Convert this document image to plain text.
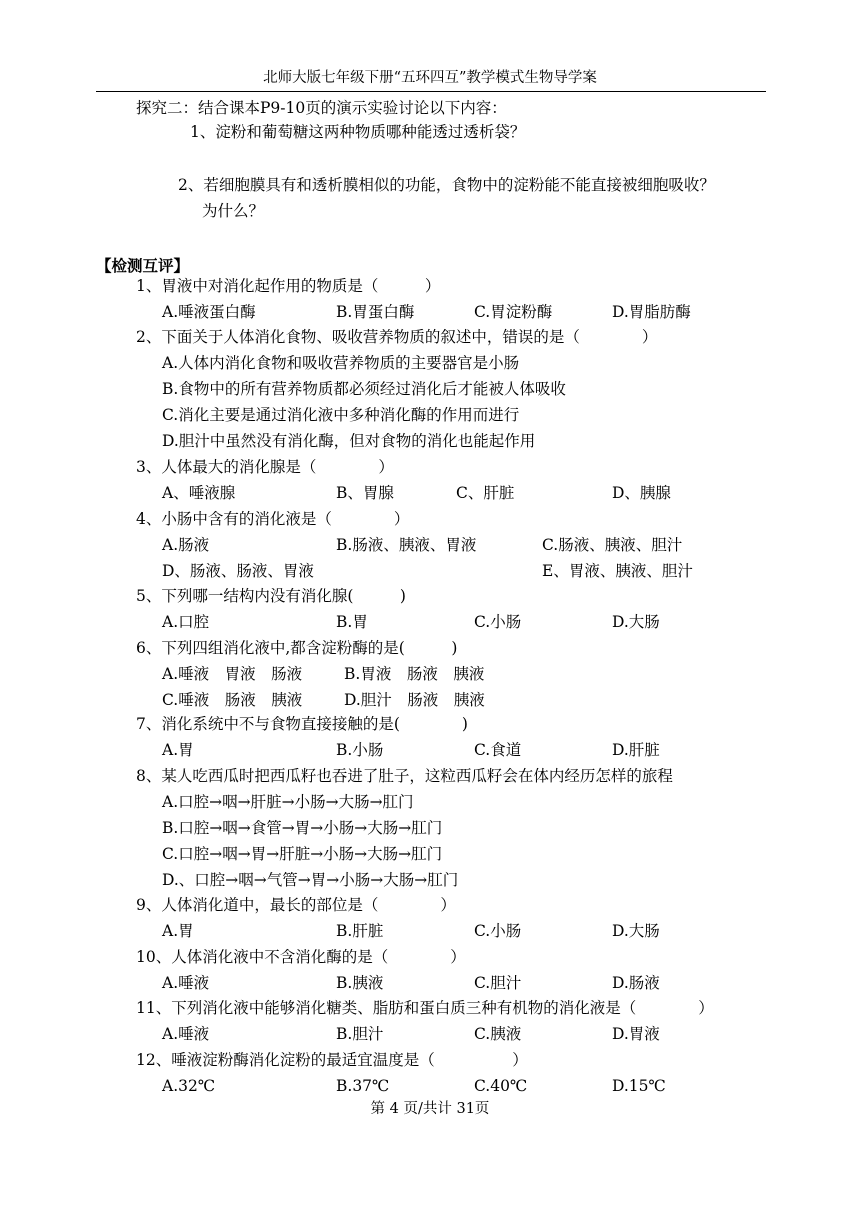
北师大版七年级下册“五环四互”教学模式生物导学案
探究二：结合课本P9-10页的演示实验讨论以下内容：
1、淀粉和葡萄糖这两种物质哪种能透过透析袋？
2、若细胞膜具有和透析膜相似的功能，食物中的淀粉能不能直接被细胞吸收？
为什么？
【检测互评】
1、胃液中对消化起作用的物质是（　　　）
A.唾液蛋白酶	B.胃蛋白酶	C.胃淀粉酶	D.胃脂肪酶
2、下面关于人体消化食物、吸收营养物质的叙述中，错误的是（　　　　）
A.人体内消化食物和吸收营养物质的主要器官是小肠
B.食物中的所有营养物质都必须经过消化后才能被人体吸收
C.消化主要是通过消化液中多种消化酶的作用而进行
D.胆汁中虽然没有消化酶，但对食物的消化也能起作用
3、人体最大的消化腺是（　　　　）
A、唾液腺	B、胃腺	C、肝脏	D、胰腺
4、小肠中含有的消化液是（　　　　）
A.肠液	B.肠液、胰液、胃液	C.肠液、胰液、胆汁
D、肠液、肠液、胃液	E、胃液、胰液、胆汁
5、下列哪一结构内没有消化腺(　　　)
A.口腔	B.胃	C.小肠	D.大肠
6、下列四组消化液中,都含淀粉酶的是(　　　)
A.唾液　胃液　肠液	B.胃液　肠液　胰液
C.唾液　肠液　胰液	D.胆汁　肠液　胰液
7、消化系统中不与食物直接接触的是(　　　　)
A.胃	B.小肠	C.食道	D.肝脏
8、某人吃西瓜时把西瓜籽也吞进了肚子，这粒西瓜籽会在体内经历怎样的旅程
A.口腔→咽→肝脏→小肠→大肠→肛门
B.口腔→咽→食管→胃→小肠→大肠→肛门
C.口腔→咽→胃→肝脏→小肠→大肠→肛门
D.、口腔→咽→气管→胃→小肠→大肠→肛门
9、人体消化道中，最长的部位是（　　　　）
A.胃	B.肝脏	C.小肠	D.大肠
10、人体消化液中不含消化酶的是（　　　　）
A.唾液	B.胰液	C.胆汁	D.肠液
11、下列消化液中能够消化糖类、脂肪和蛋白质三种有机物的消化液是（　　　　）
A.唾液	B.胆汁	C.胰液	D.胃液
12、唾液淀粉酶消化淀粉的最适宜温度是（　　　　　）
A.32℃	B.37℃	C.40℃	D.15℃
第 4 页/共计 31页
